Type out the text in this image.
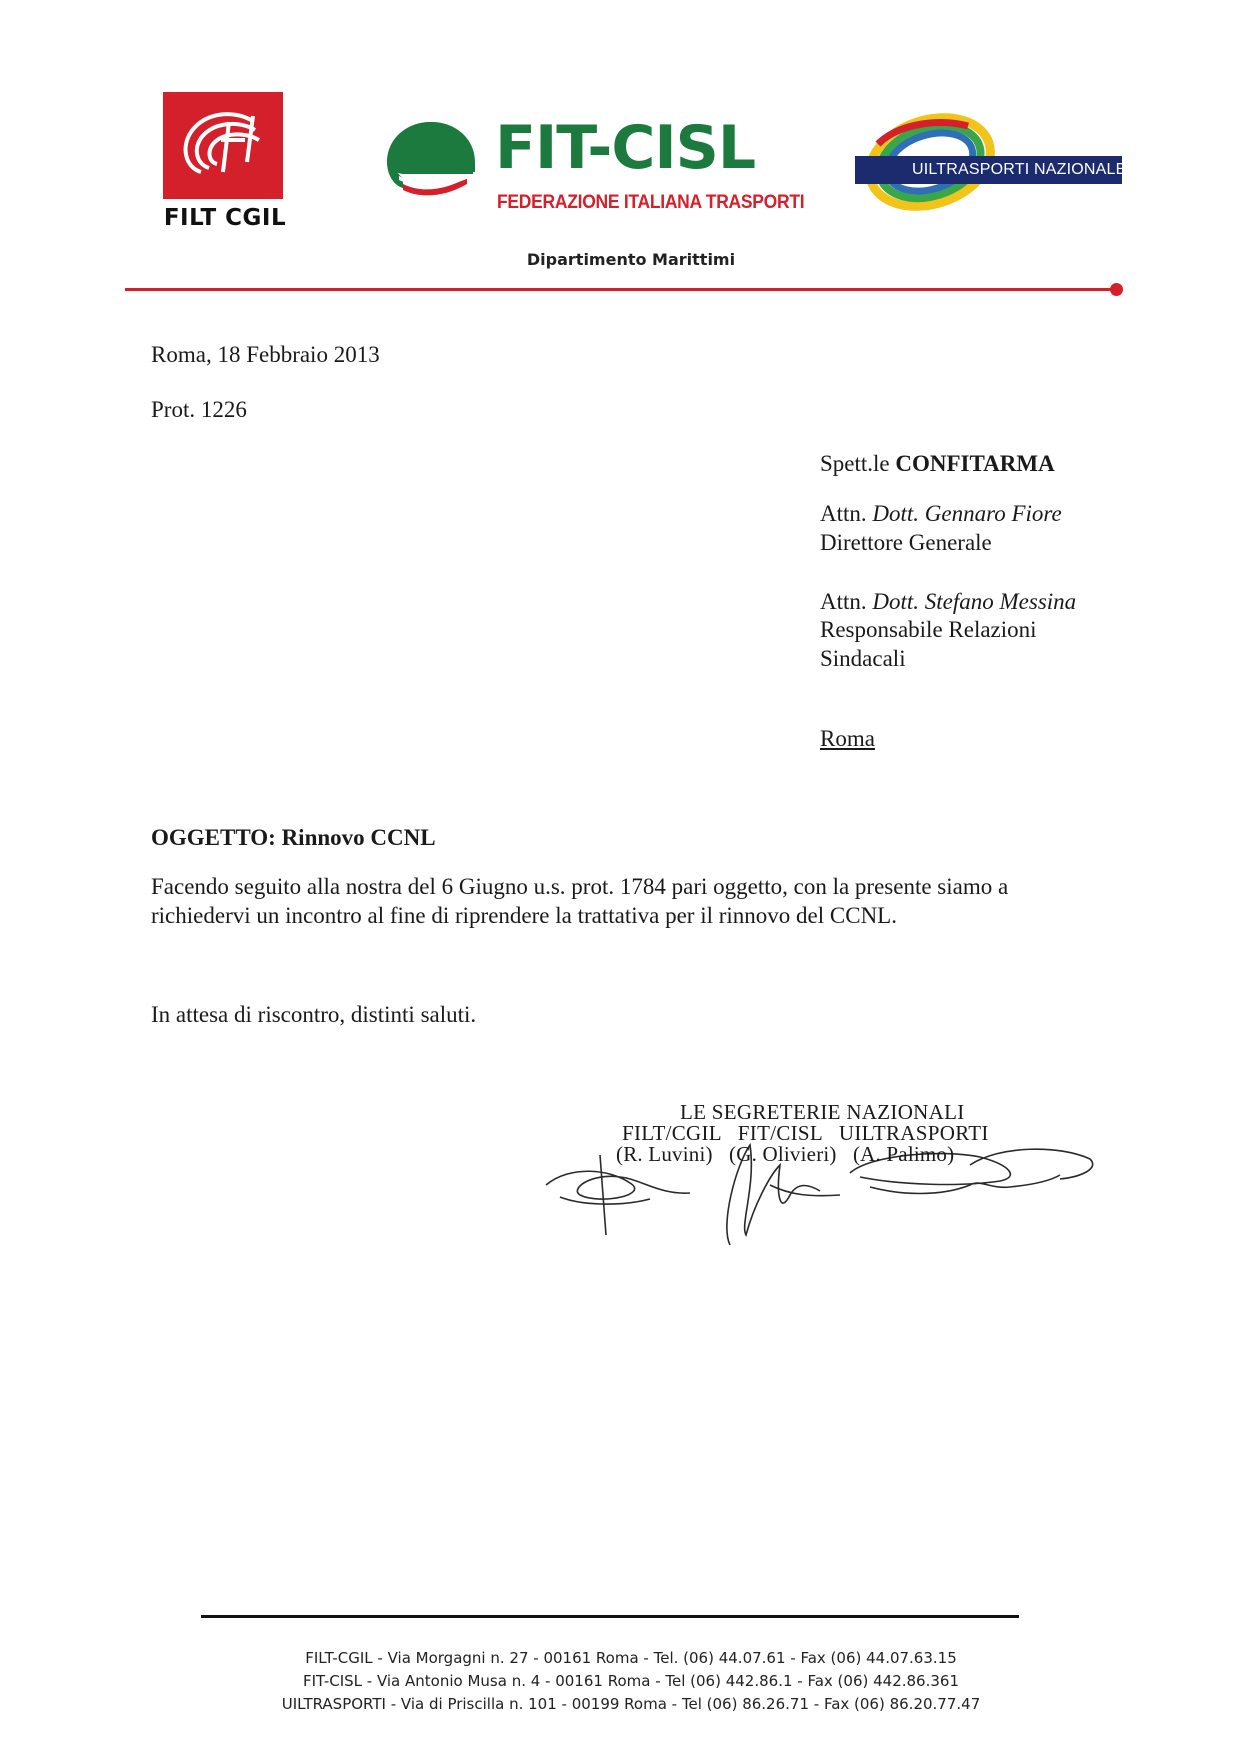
FILT CGIL
FIT-CISL
FEDERAZIONE ITALIANA TRASPORTI
UILTRASPORTI NAZIONALE
Dipartimento Marittimi
Roma, 18 Febbraio 2013
Prot. 1226
Spett.le CONFITARMA
Attn. Dott. Gennaro Fiore
Direttore Generale
Attn. Dott. Stefano Messina
Responsabile Relazioni
Sindacali
Roma
OGGETTO: Rinnovo CCNL
Facendo seguito alla nostra del 6 Giugno u.s. prot. 1784 pari oggetto, con la presente siamo a
richiedervi un incontro al fine di riprendere la trattativa per il rinnovo del CCNL.
In attesa di riscontro, distinti saluti.
LE SEGRETERIE NAZIONALI
FILT/CGIL   FIT/CISL   UILTRASPORTI
(R. Luvini)   (G. Olivieri)   (A. Palimo)
FILT-CGIL - Via Morgagni n. 27 - 00161 Roma - Tel. (06) 44.07.61 - Fax (06) 44.07.63.15
FIT-CISL - Via Antonio Musa n. 4 - 00161 Roma - Tel (06) 442.86.1 - Fax (06) 442.86.361
UILTRASPORTI - Via di Priscilla n. 101 - 00199 Roma - Tel (06) 86.26.71 - Fax (06) 86.20.77.47
